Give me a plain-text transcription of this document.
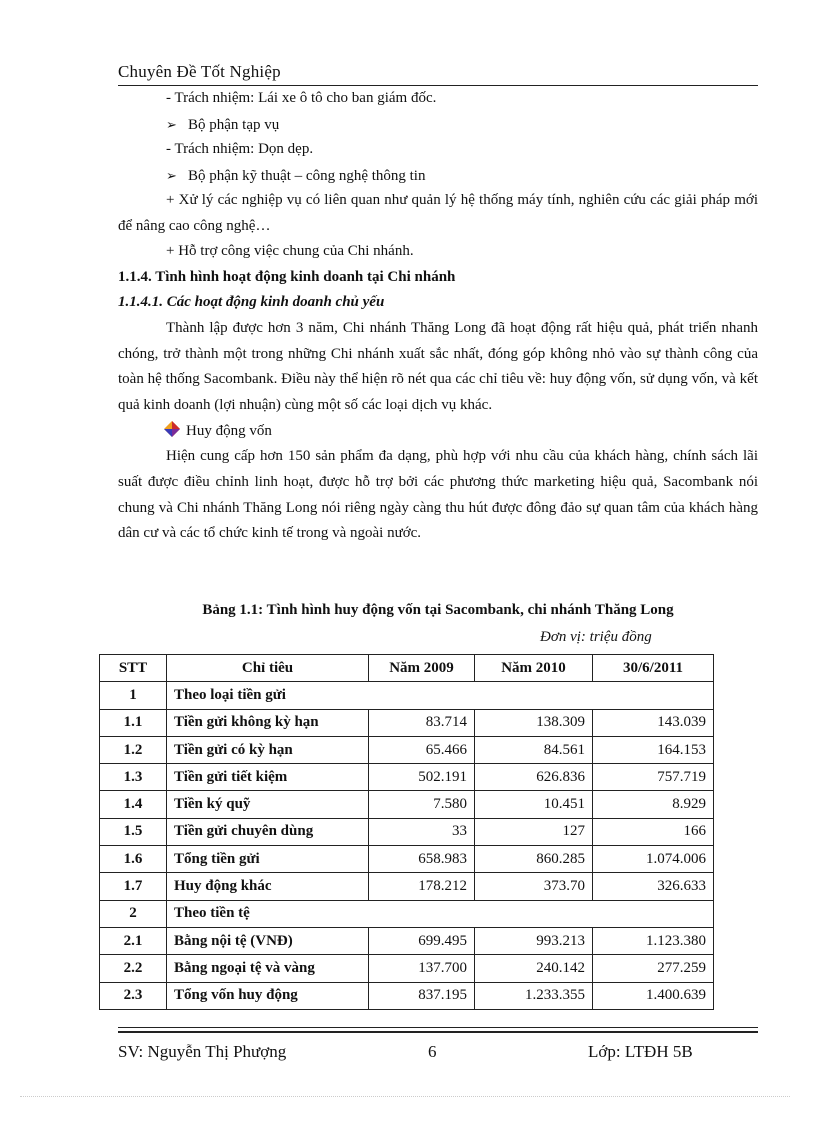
Chuyên Đề Tốt Nghiệp
- Trách nhiệm: Lái xe ô tô cho ban giám đốc.
➢ Bộ phận tạp vụ
- Trách nhiệm: Dọn dẹp.
➢ Bộ phận kỹ thuật – công nghệ thông tin

+ Xử lý các nghiệp vụ có liên quan như quản lý hệ thống máy tính, nghiên cứu các giải pháp mới để nâng cao công nghệ…

+ Hỗ trợ công việc chung của Chi nhánh.
1.1.4. Tình hình hoạt động kinh doanh tại Chi nhánh
1.1.4.1. Các hoạt động kinh doanh chủ yếu

Thành lập được hơn 3 năm, Chi nhánh Thăng Long đã hoạt động rất hiệu quả, phát triển nhanh chóng, trở thành một trong những Chi nhánh xuất sắc nhất, đóng góp không nhỏ vào sự thành công của toàn hệ thống Sacombank. Điều này thể hiện rõ nét qua các chỉ tiêu về: huy động vốn, sử dụng vốn, và kết quả kinh doanh (lợi nhuận) cùng một số các loại dịch vụ khác.

Huy động vốn

Hiện cung cấp hơn 150 sản phẩm đa dạng, phù hợp với nhu cầu của khách hàng, chính sách lãi suất được điều chỉnh linh hoạt, được hỗ trợ bởi các phương thức marketing hiệu quả, Sacombank nói chung và Chi nhánh Thăng Long nói riêng ngày càng thu hút được đông đảo sự quan tâm của khách hàng dân cư và các tổ chức kinh tế trong và ngoài nước.

Bảng 1.1: Tình hình huy động vốn tại Sacombank, chi nhánh Thăng Long
Đơn vị: triệu đồng
STT	Chỉ tiêu	Năm 2009	Năm 2010	30/6/2011
1	Theo loại tiền gửi			
1.1	Tiền gửi không kỳ hạn	83.714	138.309	143.039
1.2	Tiền gửi có kỳ hạn	65.466	84.561	164.153
1.3	Tiền gửi tiết kiệm	502.191	626.836	757.719
1.4	Tiền ký quỹ	7.580	10.451	8.929
1.5	Tiền gửi chuyên dùng	33	127	166
1.6	Tổng tiền gửi	658.983	860.285	1.074.006
1.7	Huy động khác	178.212	373.70	326.633
2	Theo tiền tệ			
2.1	Bằng nội tệ (VNĐ)	699.495	993.213	1.123.380
2.2	Bằng ngoại tệ và vàng	137.700	240.142	277.259
2.3	Tổng vốn huy động	837.195	1.233.355	1.400.639
SV: Nguyễn Thị Phượng	6	Lớp: LTĐH 5B
